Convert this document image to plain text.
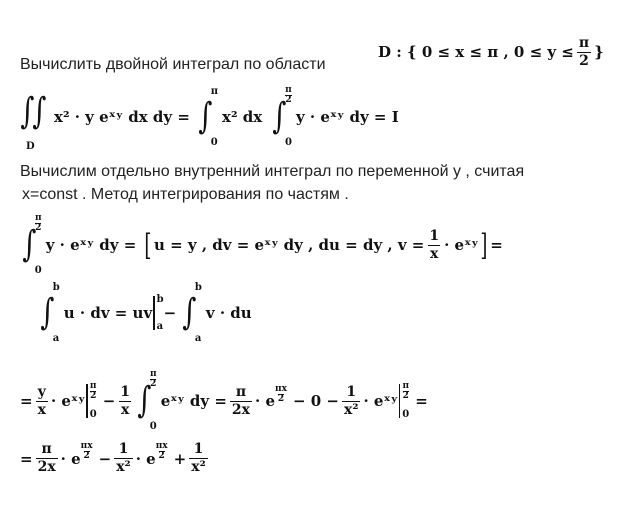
Вычислить двойной интеграл по области
D : { 0 ≤ x ≤ π , $0 \le y \le \frac{\pi}{2}$ }
∫
∫
D
x² · y eˣʸ dx dy = ∫
π
0
x² dx ∫
π
2
0
y · eˣʸ dy = I
Вычислим отдельно внутренний интеграл по переменной y , считая
x=const . Метод интегрирования по частям .
∫
π
2
0
y · eˣʸ dy = [ u = y , dv = eˣʸ dy , du = dy , $v = \frac{1}{x}$ · eˣʸ ] =
∫
b
a
u · dv = uv
b
a
− ∫
b
a
v · du
= $\frac{y}{x}$ · eˣʸ
π
2
0
− $\frac{1}{x}$ ∫
π
2
0
eˣʸ dy = $\frac{\pi}{2x} \cdot e$
πx
$2 - 0 - \frac{1}{\text{x²}}$ · eˣʸ
π
2
0
=
= $\frac{\pi}{2x} \cdot e$
πx
$2 - \frac{1}{\text{x²}} \cdot e$
πx
$2 + \frac{1}{\text{x²}}$
